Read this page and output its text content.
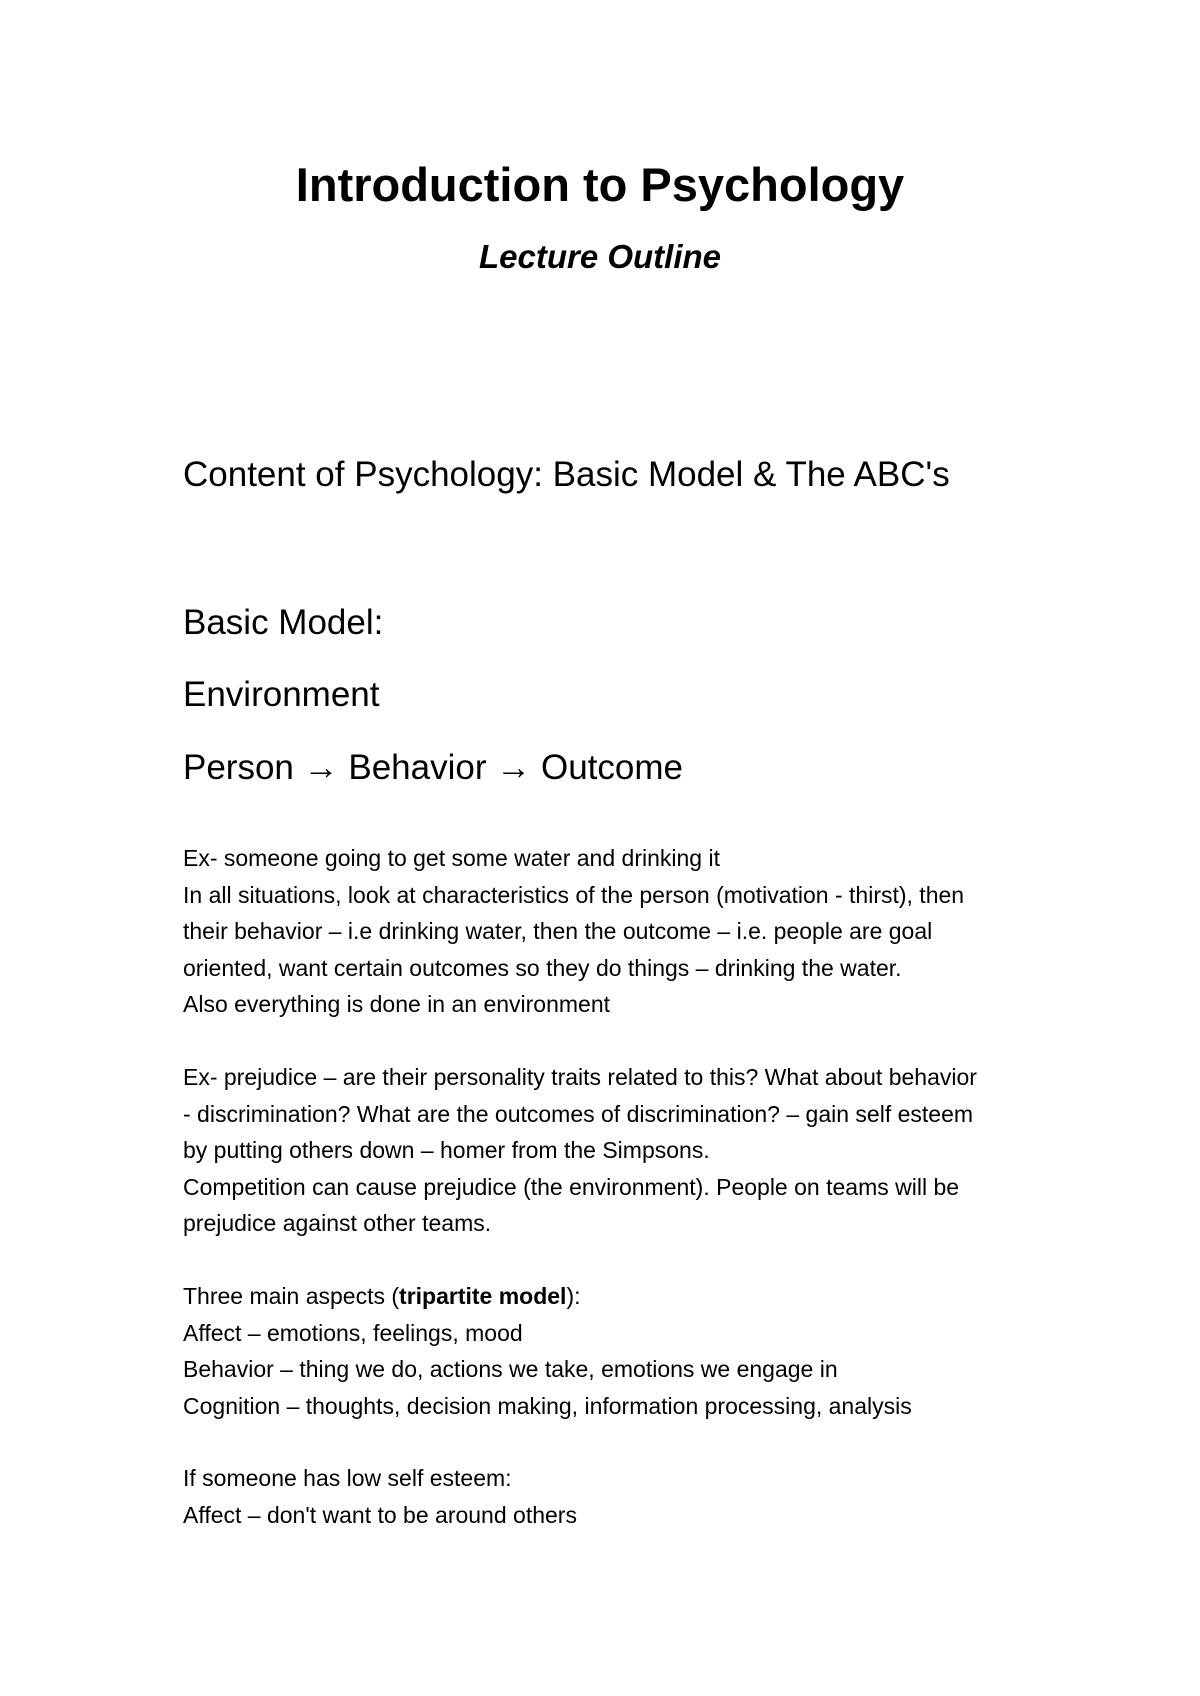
Introduction to Psychology
Lecture Outline
Content of Psychology: Basic Model & The ABC's
Basic Model:
Environment
Person → Behavior → Outcome

Ex- someone going to get some water and drinking it

In all situations, look at characteristics of the person (motivation - thirst), then

their behavior – i.e drinking water, then the outcome – i.e. people are goal

oriented, want certain outcomes so they do things – drinking the water.

Also everything is done in an environment

Ex- prejudice – are their personality traits related to this? What about behavior

- discrimination? What are the outcomes of discrimination? – gain self esteem

by putting others down – homer from the Simpsons.

Competition can cause prejudice (the environment). People on teams will be

prejudice against other teams.

Three main aspects (tripartite model):

Affect – emotions, feelings, mood

Behavior – thing we do, actions we take, emotions we engage in

Cognition – thoughts, decision making, information processing, analysis

If someone has low self esteem:

Affect – don't want to be around others
